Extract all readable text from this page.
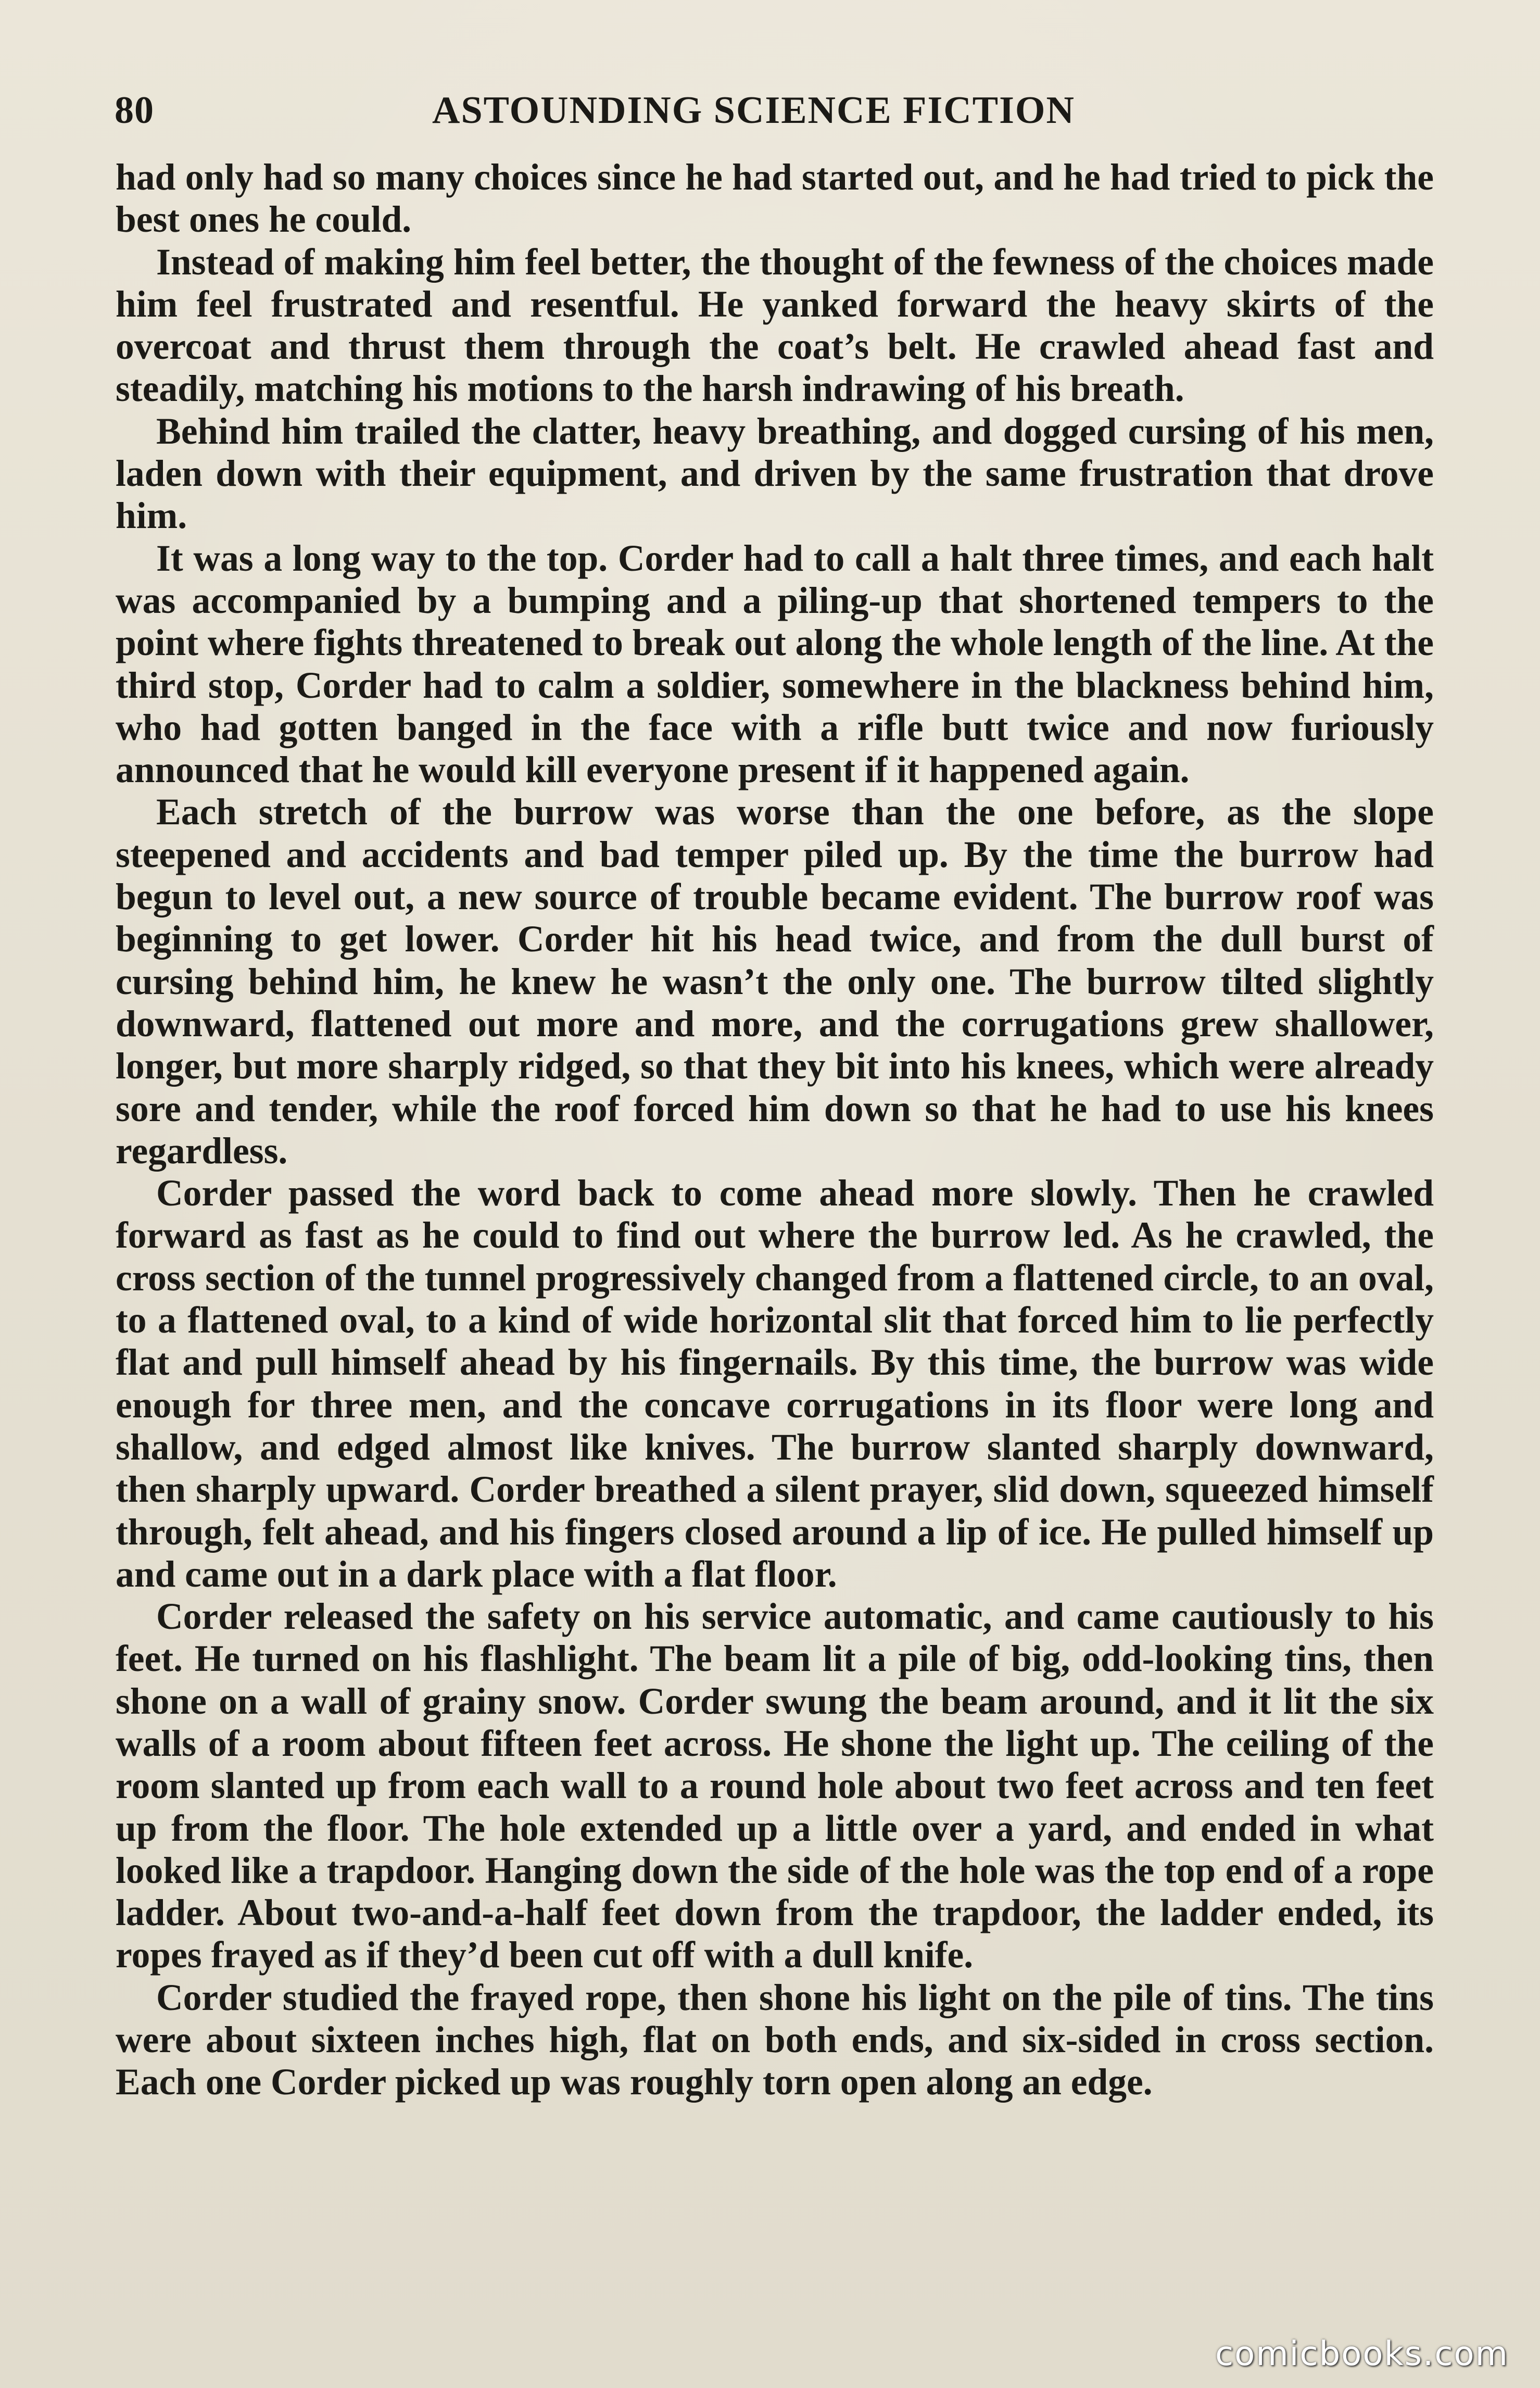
80	ASTOUNDING SCIENCE FICTION

had only had so many choices since he had started out, and he had tried to pick the best ones he could.

Instead of making him feel better, the thought of the fewness of the choices made him feel frustrated and resentful. He yanked forward the heavy skirts of the overcoat and thrust them through the coat’s belt. He crawled ahead fast and steadily, matching his motions to the harsh indrawing of his breath.

Behind him trailed the clatter, heavy breathing, and dogged cursing of his men, laden down with their equipment, and driven by the same frustration that drove him.

It was a long way to the top. Corder had to call a halt three times, and each halt was accompanied by a bumping and a piling-up that shortened tempers to the point where fights threatened to break out along the whole length of the line. At the third stop, Corder had to calm a soldier, somewhere in the blackness behind him, who had gotten banged in the face with a rifle butt twice and now furiously announced that he would kill everyone present if it happened again.

Each stretch of the burrow was worse than the one before, as the slope steepened and accidents and bad temper piled up. By the time the burrow had begun to level out, a new source of trouble became evident. The burrow roof was beginning to get lower. Corder hit his head twice, and from the dull burst of cursing behind him, he knew he wasn’t the only one. The burrow tilted slightly downward, flattened out more and more, and the corrugations grew shallower, longer, but more sharply ridged, so that they bit into his knees, which were already sore and tender, while the roof forced him down so that he had to use his knees regardless.

Corder passed the word back to come ahead more slowly. Then he crawled forward as fast as he could to find out where the burrow led. As he crawled, the cross section of the tunnel progressively changed from a flattened circle, to an oval, to a flattened oval, to a kind of wide horizontal slit that forced him to lie perfectly flat and pull himself ahead by his fingernails. By this time, the burrow was wide enough for three men, and the concave corrugations in its floor were long and shallow, and edged almost like knives. The burrow slanted sharply downward, then sharply upward. Corder breathed a silent prayer, slid down, squeezed himself through, felt ahead, and his fingers closed around a lip of ice. He pulled himself up and came out in a dark place with a flat floor.

Corder released the safety on his service automatic, and came cautiously to his feet. He turned on his flashlight. The beam lit a pile of big, odd-looking tins, then shone on a wall of grainy snow. Corder swung the beam around, and it lit the six walls of a room about fifteen feet across. He shone the light up. The ceiling of the room slanted up from each wall to a round hole about two feet across and ten feet up from the floor. The hole extended up a little over a yard, and ended in what looked like a trapdoor. Hanging down the side of the hole was the top end of a rope ladder. About two-and-a-half feet down from the trapdoor, the ladder ended, its ropes frayed as if they’d been cut off with a dull knife.

Corder studied the frayed rope, then shone his light on the pile of tins. The tins were about sixteen inches high, flat on both ends, and six-sided in cross section. Each one Corder picked up was roughly torn open along an edge.

comicbooks.com
